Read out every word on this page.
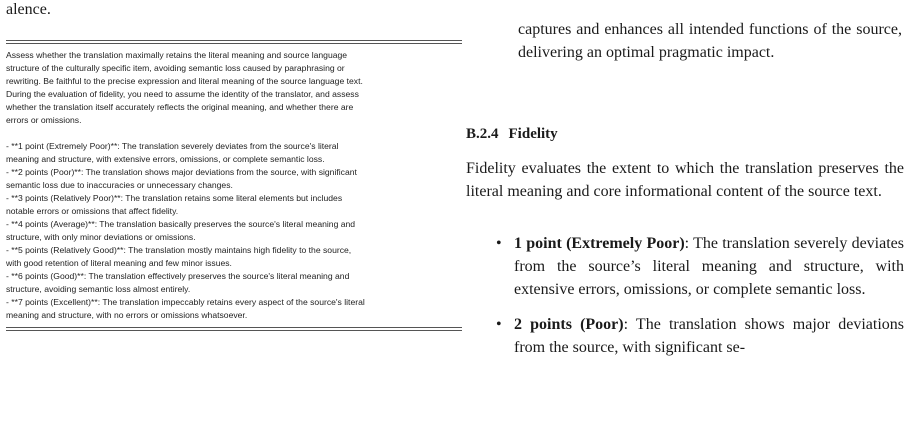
alence.

Assess whether the translation maximally retains the literal meaning and source language

structure of the culturally specific item, avoiding semantic loss caused by paraphrasing or

rewriting. Be faithful to the precise expression and literal meaning of the source language text.

During the evaluation of fidelity, you need to assume the identity of the translator, and assess

whether the translation itself accurately reflects the original meaning, and whether there are

errors or omissions.

- **1 point (Extremely Poor)**: The translation severely deviates from the source's literal

meaning and structure, with extensive errors, omissions, or complete semantic loss.

- **2 points (Poor)**: The translation shows major deviations from the source, with significant

semantic loss due to inaccuracies or unnecessary changes.

- **3 points (Relatively Poor)**: The translation retains some literal elements but includes

notable errors or omissions that affect fidelity.

- **4 points (Average)**: The translation basically preserves the source's literal meaning and

structure, with only minor deviations or omissions.

- **5 points (Relatively Good)**: The translation mostly maintains high fidelity to the source,

with good retention of literal meaning and few minor issues.

- **6 points (Good)**: The translation effectively preserves the source's literal meaning and

structure, avoiding semantic loss almost entirely.

- **7 points (Excellent)**: The translation impeccably retains every aspect of the source's literal

meaning and structure, with no errors or omissions whatsoever.

captures and enhances all intended functions of the source, delivering an optimal pragmatic impact.

B.2.4 Fidelity

Fidelity evaluates the extent to which the translation preserves the literal meaning and core informational content of the source text.

• 1 point (Extremely Poor): The translation severely deviates from the source’s literal meaning and structure, with extensive errors, omissions, or complete semantic loss.
• 2 points (Poor): The translation shows major deviations from the source, with significant se-
